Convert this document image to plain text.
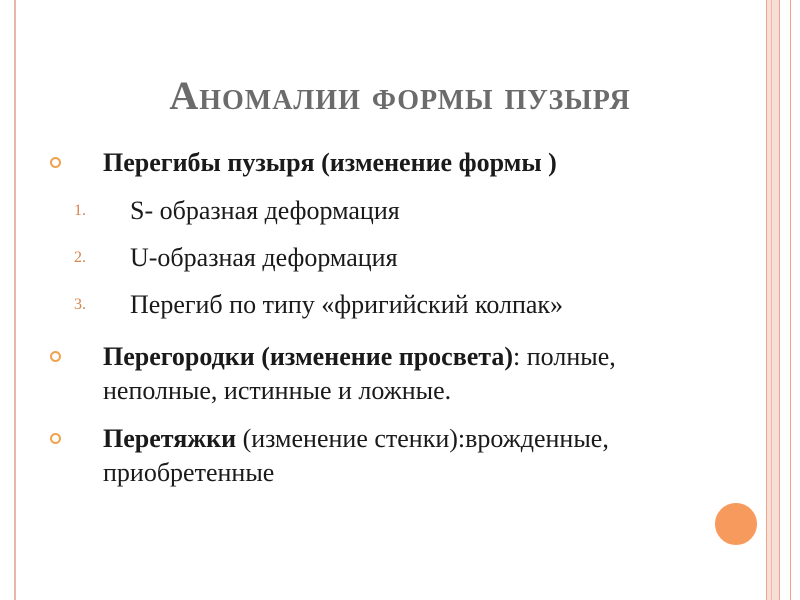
Аномалии формы пузыря
Перегибы пузыря (изменение формы )
1. S- образная деформация
2. U-образная деформация
3. Перегиб по типу «фригийский колпак»
Перегородки (изменение просвета): полные, неполные, истинные и ложные.
Перетяжки (изменение стенки):врожденные, приобретенные
